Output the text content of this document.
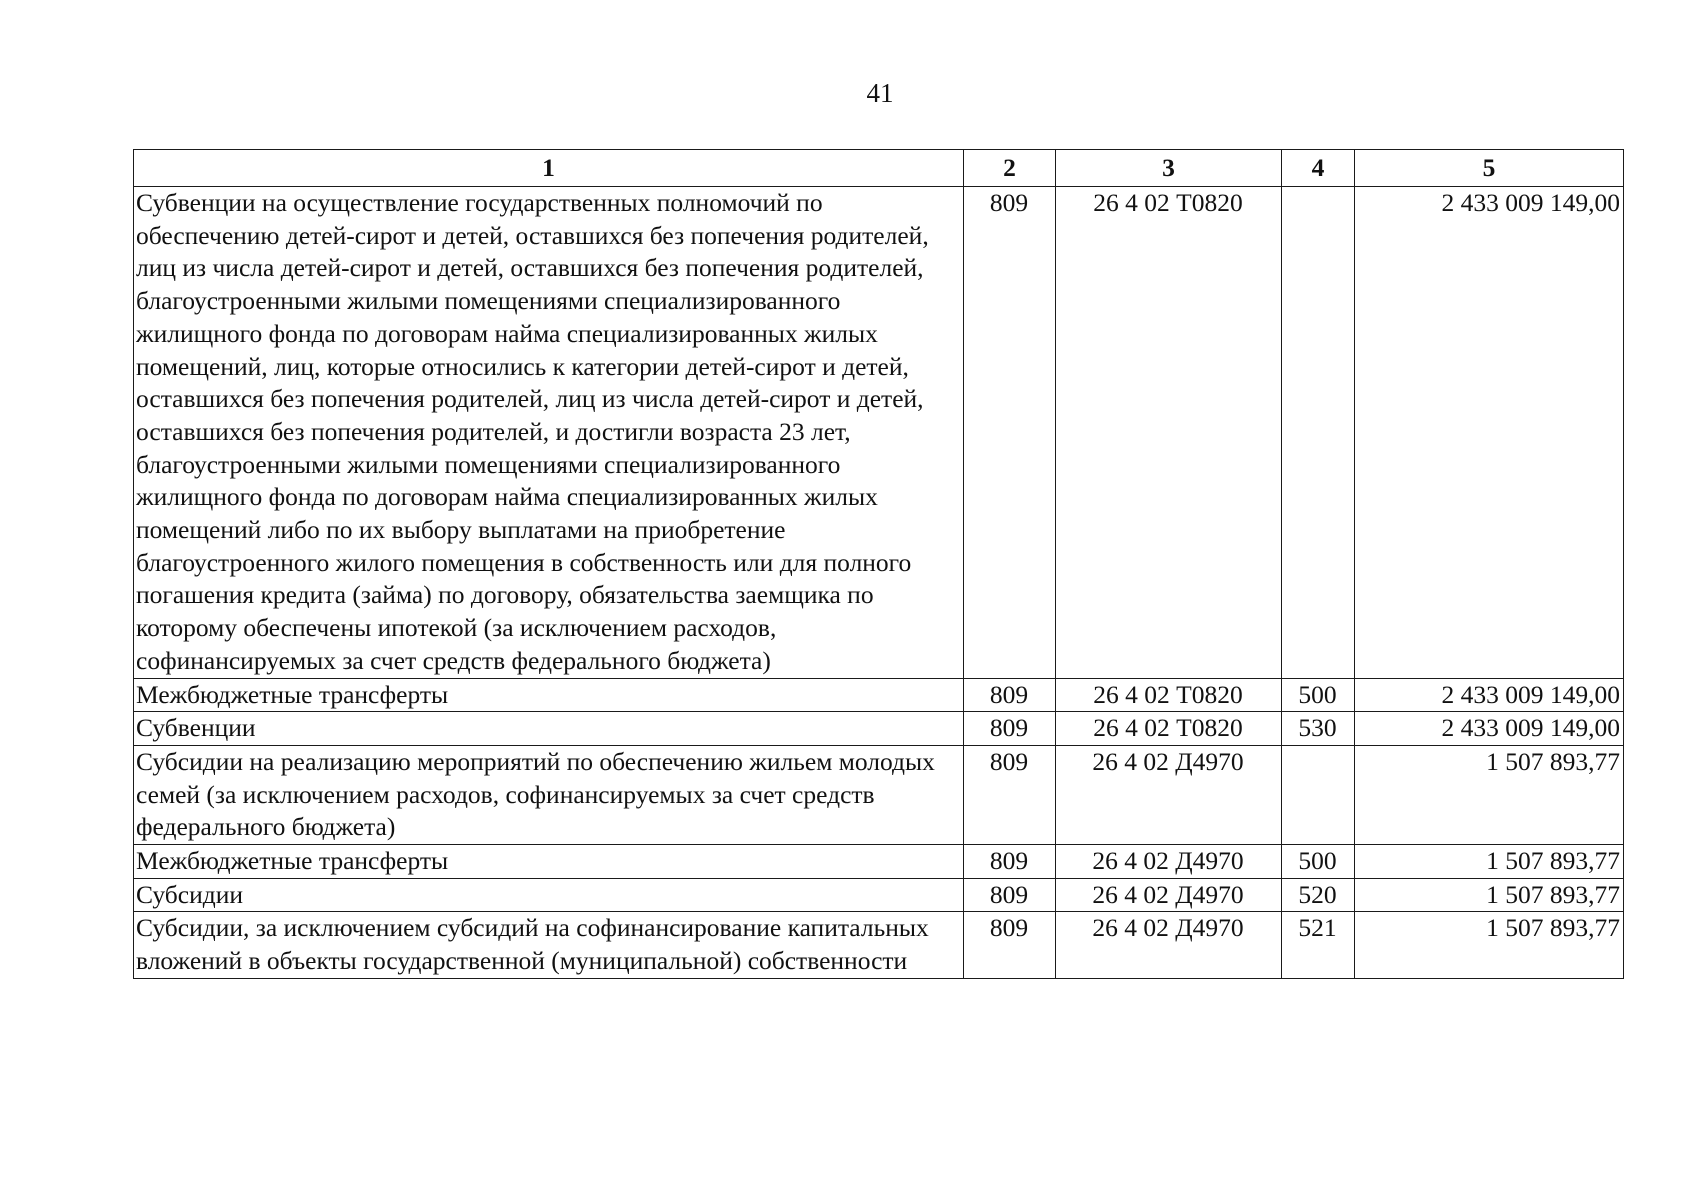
41
1	2	3	4	5
Субвенции на осуществление государственных полномочий по обеспечению детей-сирот и детей, оставшихся без попечения родителей, лиц из числа детей-сирот и детей, оставшихся без попечения родителей, благоустроенными жилыми помещениями специализированного жилищного фонда по договорам найма специализированных жилых помещений, лиц, которые относились к категории детей-сирот и детей, оставшихся без попечения родителей, лиц из числа детей-сирот и детей, оставшихся без попечения родителей, и достигли возраста 23 лет, благоустроенными жилыми помещениями специализированного жилищного фонда по договорам найма специализированных жилых помещений либо по их выбору выплатами на приобретение благоустроенного жилого помещения в собственность или для полного погашения кредита (займа) по договору, обязательства заемщика по которому обеспечены ипотекой (за исключением расходов, софинансируемых за счет средств федерального бюджета)	809	26 4 02 Т0820		2 433 009 149,00
Межбюджетные трансферты	809	26 4 02 Т0820	500	2 433 009 149,00
Субвенции	809	26 4 02 Т0820	530	2 433 009 149,00
Субсидии на реализацию мероприятий по обеспечению жильем молодых семей (за исключением расходов, софинансируемых за счет средств федерального бюджета)	809	26 4 02 Д4970		1 507 893,77
Межбюджетные трансферты	809	26 4 02 Д4970	500	1 507 893,77
Субсидии	809	26 4 02 Д4970	520	1 507 893,77
Субсидии, за исключением субсидий на софинансирование капитальных вложений в объекты государственной (муниципальной) собственности	809	26 4 02 Д4970	521	1 507 893,77
